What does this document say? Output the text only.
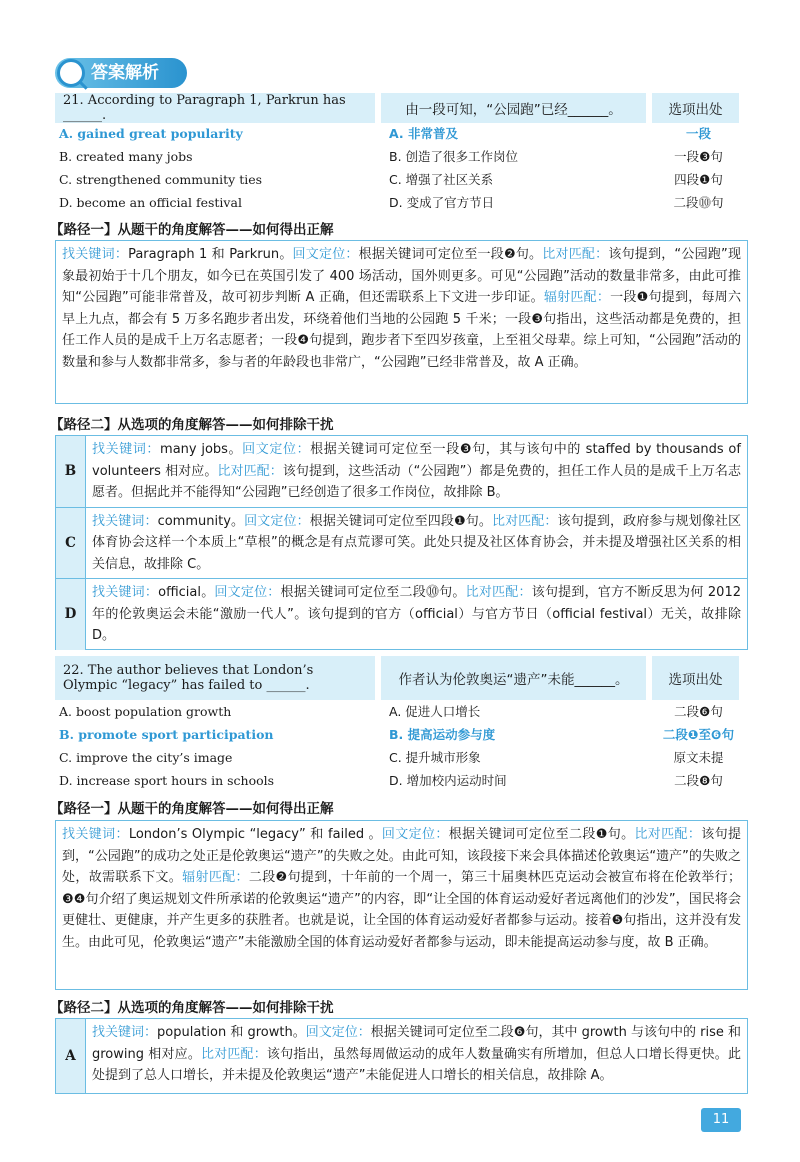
答案解析
21. According to Paragraph 1, Parkrun has ______.	由一段可知，“公园跑”已经______。	选项出处
A. gained great popularity	A. 非常普及	一段
B. created many jobs	B. 创造了很多工作岗位	一段❸句
C. strengthened community ties	C. 增强了社区关系	四段❶句
D. become an official festival	D. 变成了官方节日	二段⓾句
【路径一】从题干的角度解答——如何得出正解
找关键词：Paragraph 1 和 Parkrun。回文定位：根据关键词可定位至一段❷句。比对匹配：该句提到，“公园跑”现象最初始于十几个朋友，如今已在英国引发了 400 场活动，国外则更多。可见“公园跑”活动的数量非常多，由此可推知“公园跑”可能非常普及，故可初步判断 A 正确，但还需联系上下文进一步印证。辐射匹配：一段❶句提到，每周六早上九点，都会有 5 万多名跑步者出发，环绕着他们当地的公园跑 5 千米；一段❸句指出，这些活动都是免费的，担任工作人员的是成千上万名志愿者；一段❹句提到，跑步者下至四岁孩童，上至祖父母辈。综上可知，“公园跑”活动的数量和参与人数都非常多，参与者的年龄段也非常广，“公园跑”已经非常普及，故 A 正确。
【路径二】从选项的角度解答——如何排除干扰
B
找关键词：many jobs。回文定位：根据关键词可定位至一段❸句，其与该句中的 staffed by thousands of volunteers 相对应。比对匹配：该句提到，这些活动（“公园跑”）都是免费的，担任工作人员的是成千上万名志愿者。但据此并不能得知“公园跑”已经创造了很多工作岗位，故排除 B。
C
找关键词：community。回文定位：根据关键词可定位至四段❶句。比对匹配：该句提到，政府参与规划像社区体育协会这样一个本质上“草根”的概念是有点荒谬可笑。此处只提及社区体育协会，并未提及增强社区关系的相关信息，故排除 C。
D
找关键词：official。回文定位：根据关键词可定位至二段⓾句。比对匹配：该句提到，官方不断反思为何 2012 年的伦敦奥运会未能“激励一代人”。该句提到的官方（official）与官方节日（official festival）无关，故排除 D。
22. The author believes that London’s Olympic “legacy” has failed to ______.	作者认为伦敦奥运“遗产”未能______。	选项出处
A. boost population growth	A. 促进人口增长	二段❻句
B. promote sport participation	B. 提高运动参与度	二段❶至❻句
C. improve the city’s image	C. 提升城市形象	原文未提
D. increase sport hours in schools	D. 增加校内运动时间	二段❽句
【路径一】从题干的角度解答——如何得出正解
找关键词：London’s Olympic “legacy” 和 failed 。回文定位：根据关键词可定位至二段❶句。比对匹配：该句提到，“公园跑”的成功之处正是伦敦奥运“遗产”的失败之处。由此可知，该段接下来会具体描述伦敦奥运“遗产”的失败之处，故需联系下文。辐射匹配：二段❷句提到，十年前的一个周一，第三十届奥林匹克运动会被宣布将在伦敦举行；❸❹句介绍了奥运规划文件所承诺的伦敦奥运“遗产”的内容，即“让全国的体育运动爱好者远离他们的沙发”，国民将会更健壮、更健康，并产生更多的获胜者。也就是说，让全国的体育运动爱好者都参与运动。接着❺句指出，这并没有发生。由此可见，伦敦奥运“遗产”未能激励全国的体育运动爱好者都参与运动，即未能提高运动参与度，故 B 正确。
【路径二】从选项的角度解答——如何排除干扰
A
找关键词：population 和 growth。回文定位：根据关键词可定位至二段❻句，其中 growth 与该句中的 rise 和 growing 相对应。比对匹配：该句指出，虽然每周做运动的成年人数量确实有所增加，但总人口增长得更快。此处提到了总人口增长，并未提及伦敦奥运“遗产”未能促进人口增长的相关信息，故排除 A。
11
